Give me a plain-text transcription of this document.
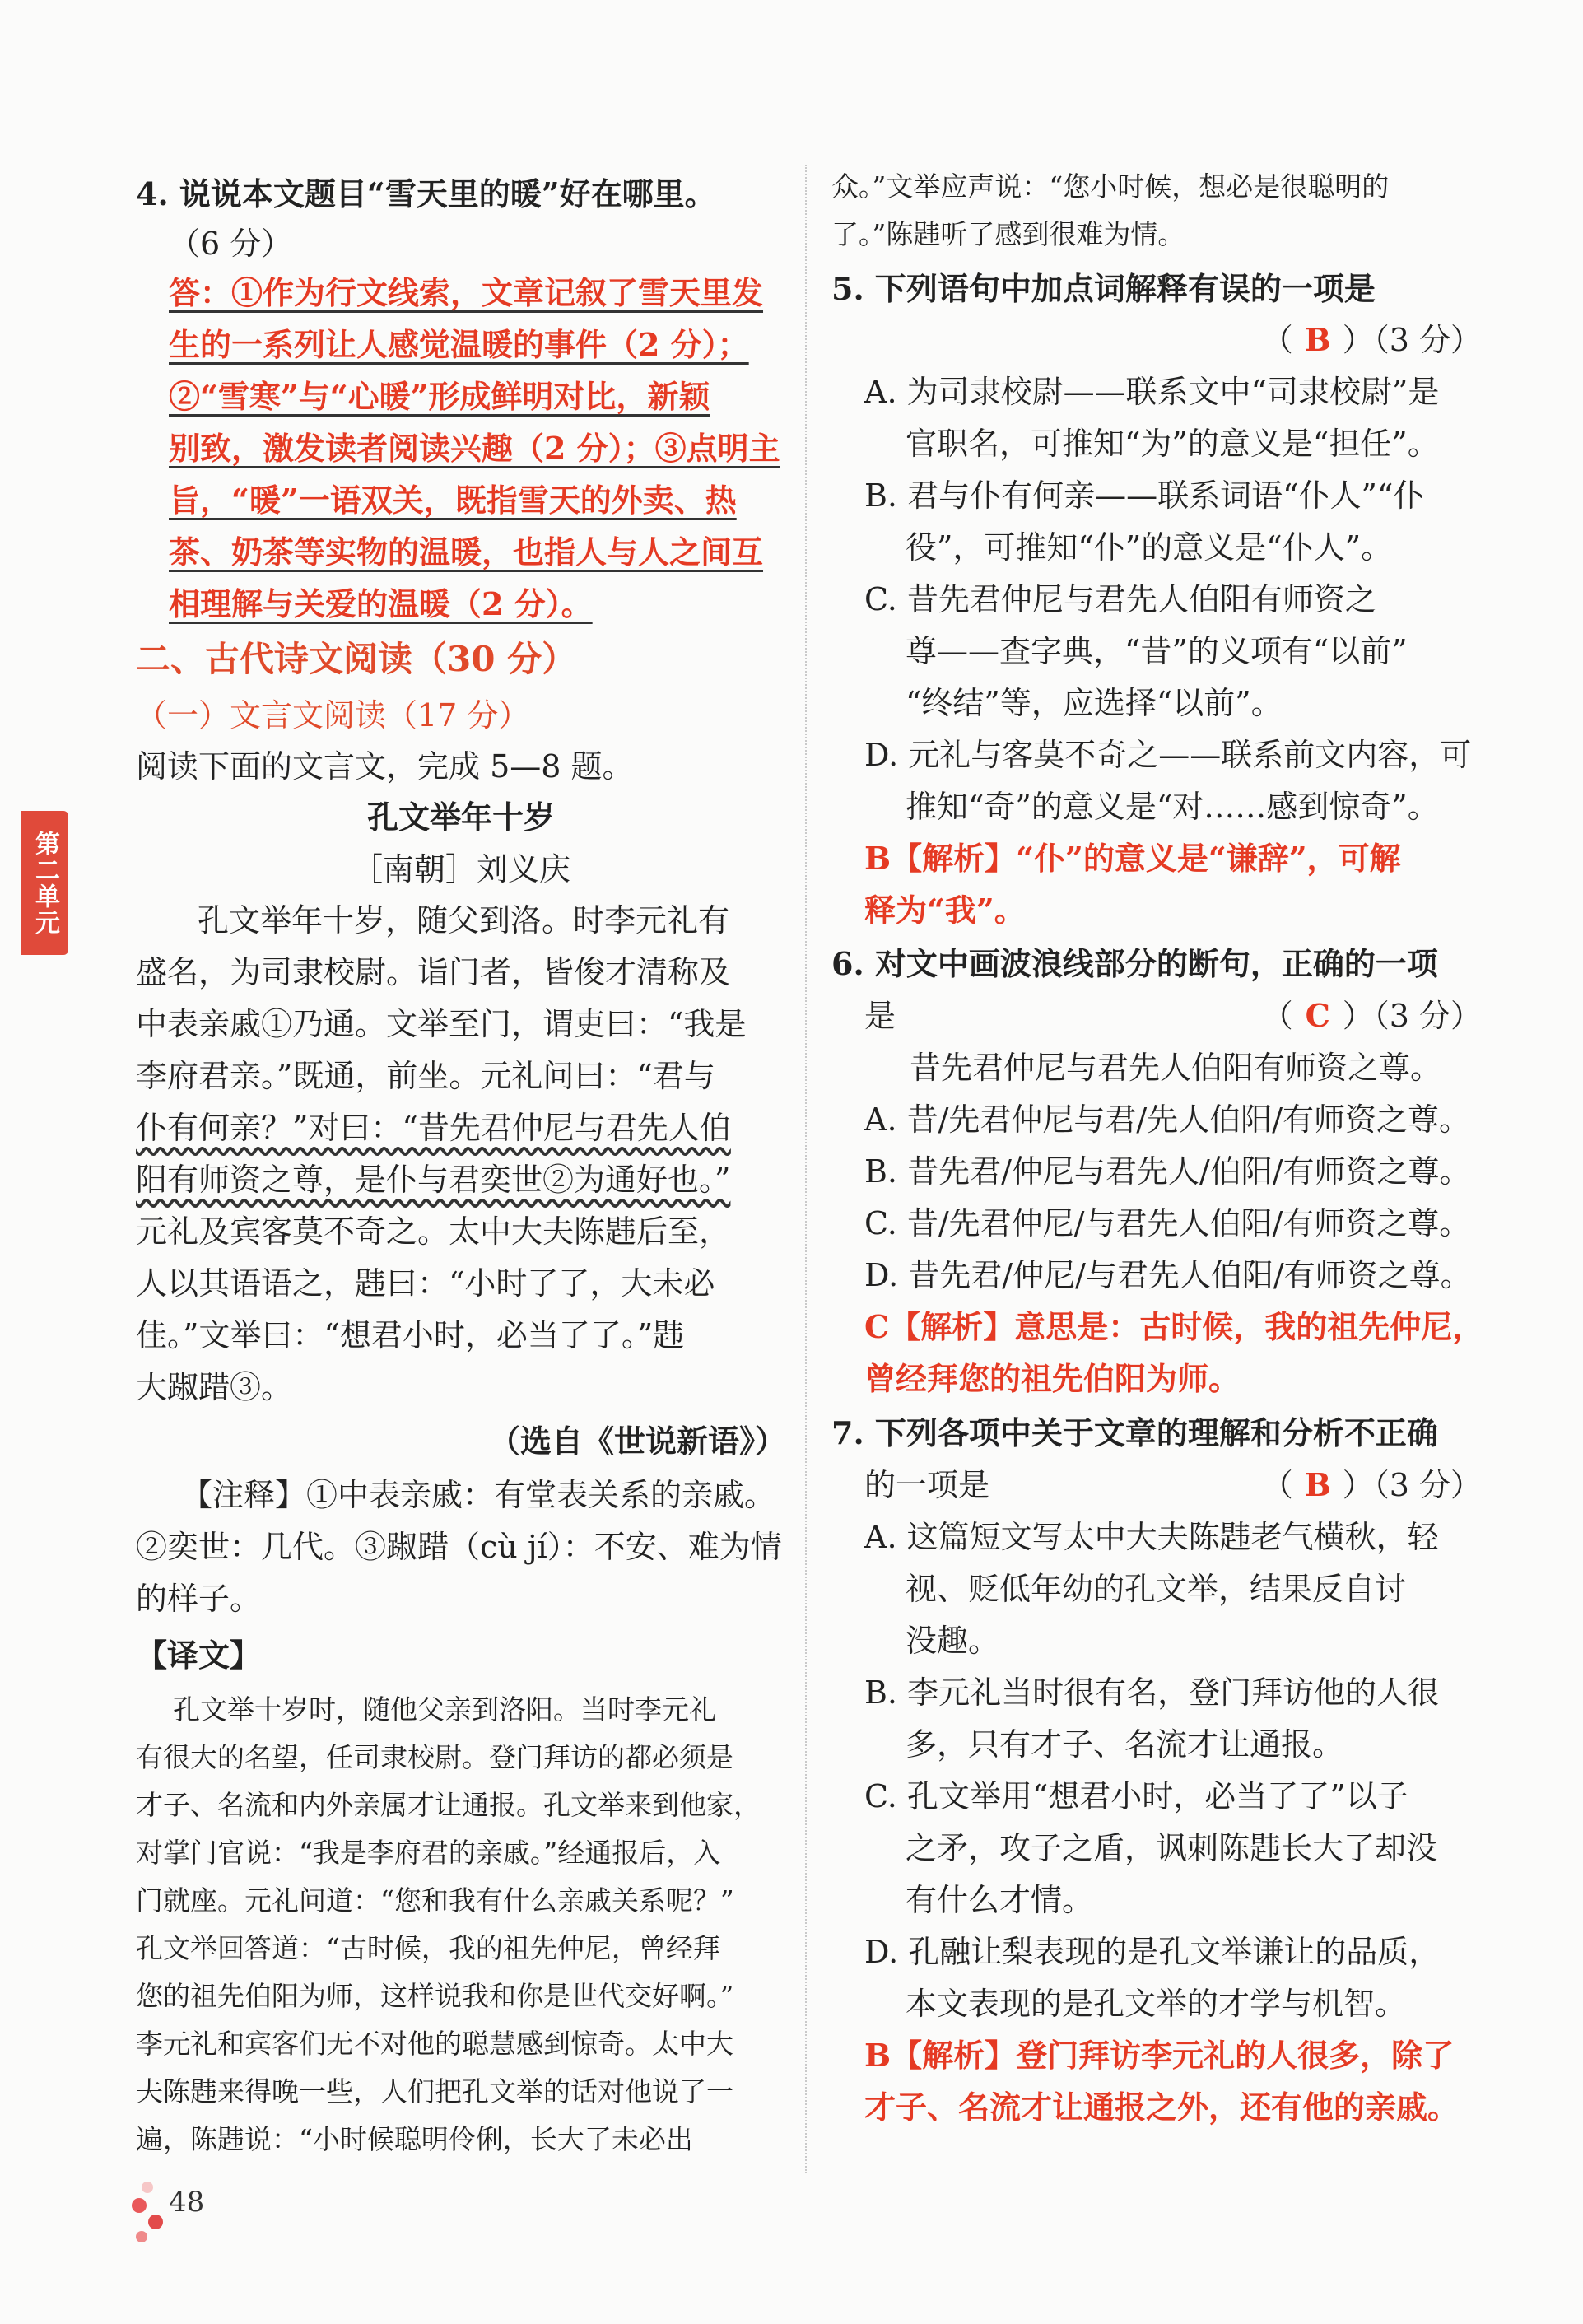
第二单元
4. 说说本文题目“雪天里的暖”好在哪里。
（6 分）
答：①作为行文线索，文章记叙了雪天里发
生的一系列让人感觉温暖的事件（2 分）；
②“雪寒”与“心暖”形成鲜明对比，新颖
别致，激发读者阅读兴趣（2 分）；③点明主
旨，“暖”一语双关，既指雪天的外卖、热
茶、奶茶等实物的温暖，也指人与人之间互
相理解与关爱的温暖（2 分）。
二、古代诗文阅读（30 分）
（一）文言文阅读（17 分）
阅读下面的文言文，完成 5—8 题。
孔文举年十岁
［南朝］刘义庆
孔文举年十岁，随父到洛。时李元礼有
盛名，为司隶校尉。诣门者，皆俊才清称及
中表亲戚①乃通。文举至门，谓吏曰：“我是
李府君亲。”既通，前坐。元礼问曰：“君与
仆有何亲？”对曰：“昔先君仲尼与君先人伯
阳有师资之尊，是仆与君奕世②为通好也。”
元礼及宾客莫不奇之。太中大夫陈韪后至，
人以其语语之，韪曰：“小时了了，大未必
佳。”文举曰：“想君小时，必当了了。”韪
大踧踖③。
（选自《世说新语》）
【注释】①中表亲戚：有堂表关系的亲戚。
②奕世：几代。③踧踖（cù jí）：不安、难为情
的样子。
【译文】
孔文举十岁时，随他父亲到洛阳。当时李元礼
有很大的名望，任司隶校尉。登门拜访的都必须是
才子、名流和内外亲属才让通报。孔文举来到他家，
对掌门官说：“我是李府君的亲戚。”经通报后，入
门就座。元礼问道：“您和我有什么亲戚关系呢？”
孔文举回答道：“古时候，我的祖先仲尼，曾经拜
您的祖先伯阳为师，这样说我和你是世代交好啊。”
李元礼和宾客们无不对他的聪慧感到惊奇。太中大
夫陈韪来得晚一些，人们把孔文举的话对他说了一
遍，陈韪说：“小时候聪明伶俐，长大了未必出
众。”文举应声说：“您小时候，想必是很聪明的
了。”陈韪听了感到很难为情。
5. 下列语句中加点词解释有误的一项是
（ B ）（3 分）
A. 为司隶校尉——联系文中“司隶校尉”是
官职名，可推知“为”的意义是“担任”。
B. 君与仆有何亲——联系词语“仆人”“仆
役”，可推知“仆”的意义是“仆人”。
C. 昔先君仲尼与君先人伯阳有师资之
尊——查字典，“昔”的义项有“以前”
“终结”等，应选择“以前”。
D. 元礼与客莫不奇之——联系前文内容，可
推知“奇”的意义是“对……感到惊奇”。
B【解析】“仆”的意义是“谦辞”，可解
释为“我”。
6. 对文中画波浪线部分的断句，正确的一项
是	（ C ）（3 分）
昔先君仲尼与君先人伯阳有师资之尊。
A. 昔/先君仲尼与君/先人伯阳/有师资之尊。
B. 昔先君/仲尼与君先人/伯阳/有师资之尊。
C. 昔/先君仲尼/与君先人伯阳/有师资之尊。
D. 昔先君/仲尼/与君先人伯阳/有师资之尊。
C【解析】意思是：古时候，我的祖先仲尼，
曾经拜您的祖先伯阳为师。
7. 下列各项中关于文章的理解和分析不正确
的一项是	（ B ）（3 分）
A. 这篇短文写太中大夫陈韪老气横秋，轻
视、贬低年幼的孔文举，结果反自讨
没趣。
B. 李元礼当时很有名，登门拜访他的人很
多，只有才子、名流才让通报。
C. 孔文举用“想君小时，必当了了”以子
之矛，攻子之盾，讽刺陈韪长大了却没
有什么才情。
D. 孔融让梨表现的是孔文举谦让的品质，
本文表现的是孔文举的才学与机智。
B【解析】登门拜访李元礼的人很多，除了
才子、名流才让通报之外，还有他的亲戚。
48
